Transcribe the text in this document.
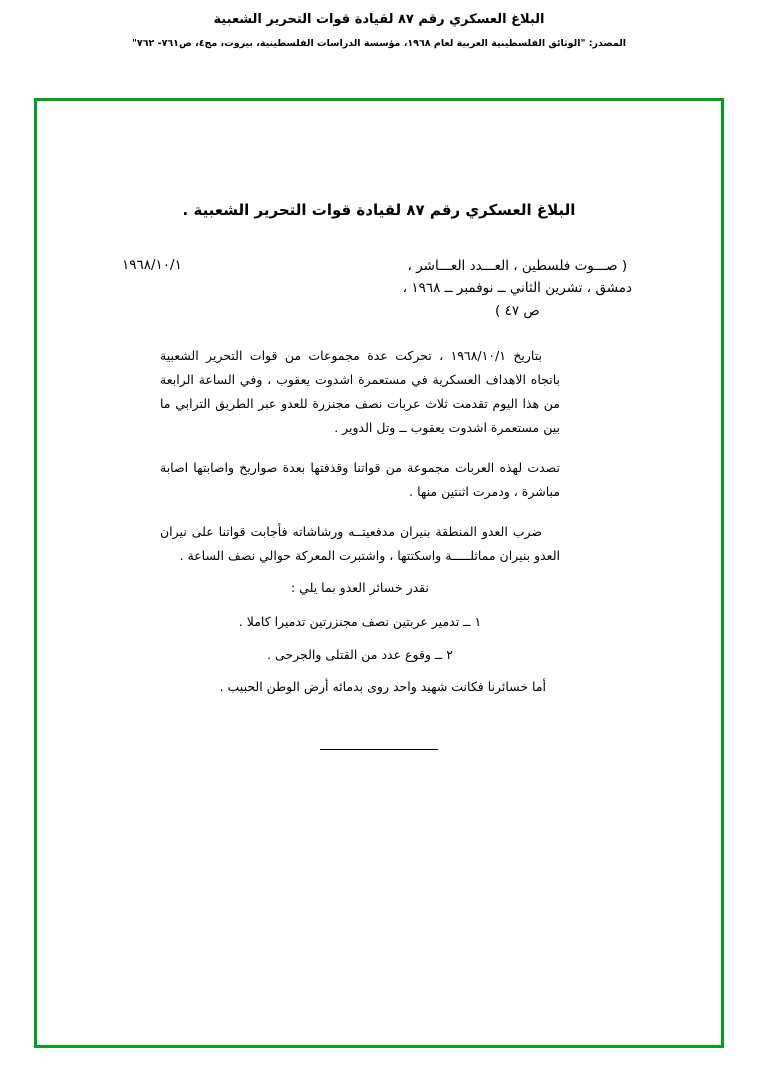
البلاغ العسكري رقم ٨٧ لقيادة قوات التحرير الشعبية
المصدر: "الوثائق الفلسطينية العربية لعام ١٩٦٨، مؤسسة الدراسات الفلسطينية، بيروت، مج٤، ص٧٦١- ٧٦٢"
البلاغ العسكري رقم ٨٧ لقيادة قوات التحرير الشعبية .
( صـــوت فلسطين ، العـــدد العـــاشر ،
دمشق ، تشرين الثاني ــ نوفمبر ــ ١٩٦٨ ،
ص ٤٧ )
١٩٦٨/١٠/١

بتاريخ ١٩٦٨/١٠/١ ، تحركت عدة مجموعات من قوات التحرير الشعبية باتجاه الاهداف العسكرية في مستعمرة اشدوت يعقوب ، وفي الساعة الرابعة من هذا اليوم تقدمت ثلاث عربات نصف مجنزرة للعدو عبر الطريق الترابي ما بين مستعمرة اشدوت يعقوب ــ وتل الدوير .

تصدت لهذه العربات مجموعة من قواتنا وقذفتها بعدة صواريخ واصابتها اصابة مباشرة ، ودمرت اثنتين منها .

ضرب العدو المنطقة بنيران مدفعيتــه ورشاشاته فأجابت قواتنا على نيران العدو بنيران مماثلـــــة واسكتتها ، واشتبرت المعركة حوالي نصف الساعة .

نقدر خسائر العدو بما يلي :
١ ــ تدمير عربتين نصف مجنزرتين تدميرا كاملا .
٢ ــ وقوع عدد من القتلى والجرحى .
أما خسائرنا فكانت شهيد واحد روى بدمائه أرض الوطن الحبيب .
